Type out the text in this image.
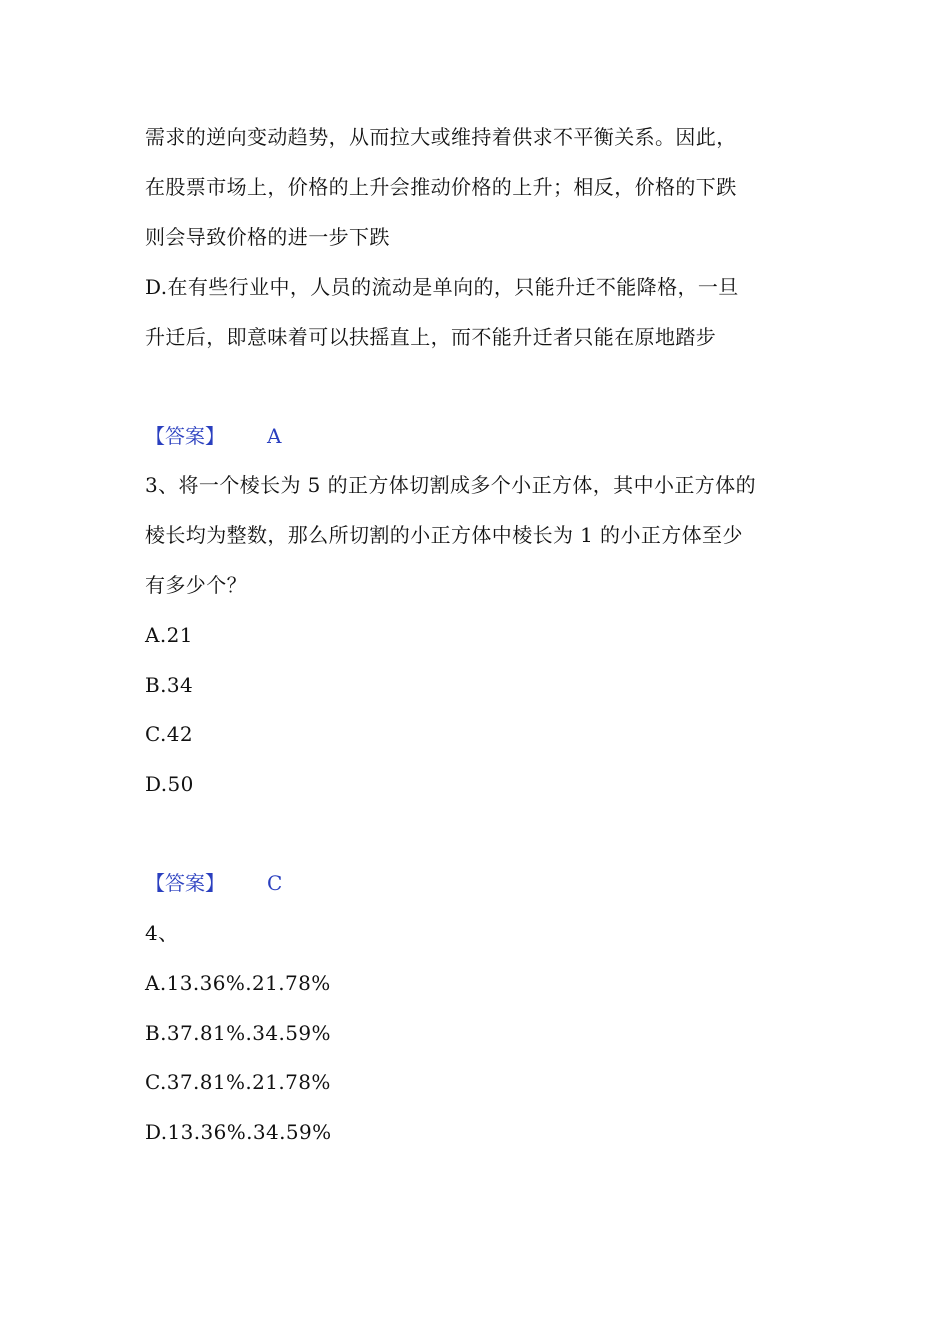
需求的逆向变动趋势，从而拉大或维持着供求不平衡关系。因此，
在股票市场上，价格的上升会推动价格的上升；相反，价格的下跌
则会导致价格的进一步下跌
D.在有些行业中，人员的流动是单向的，只能升迁不能降格，一旦
升迁后，即意味着可以扶摇直上，而不能升迁者只能在原地踏步
【答案】 A
3、将一个棱长为 5 的正方体切割成多个小正方体，其中小正方体的
棱长均为整数，那么所切割的小正方体中棱长为 1 的小正方体至少
有多少个？
A.21
B.34
C.42
D.50
【答案】 C
4、
A.13.36%.21.78%
B.37.81%.34.59%
C.37.81%.21.78%
D.13.36%.34.59%
